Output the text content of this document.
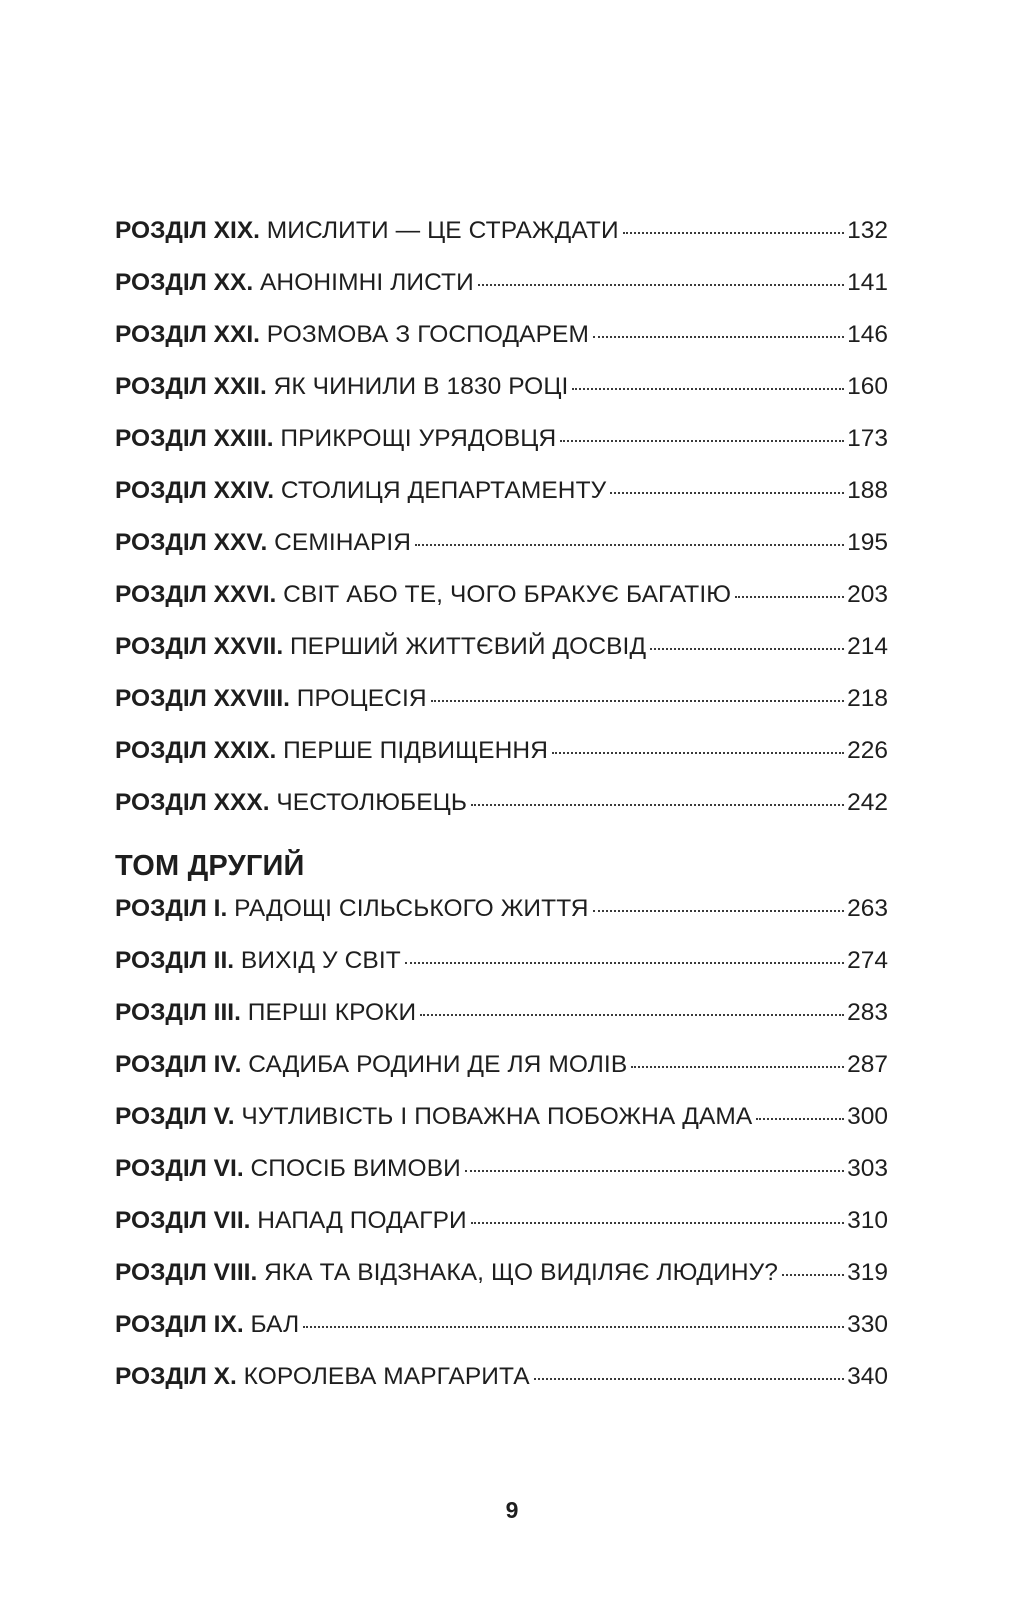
РОЗДІЛ XIX. МИСЛИТИ — ЦЕ СТРАЖДАТИ	132
РОЗДІЛ XX. АНОНІМНІ ЛИСТИ	141
РОЗДІЛ XXI. РОЗМОВА З ГОСПОДАРЕМ	146
РОЗДІЛ XXII. ЯК ЧИНИЛИ В 1830 РОЦІ	160
РОЗДІЛ XXIII. ПРИКРОЩІ УРЯДОВЦЯ	173
РОЗДІЛ XXIV. СТОЛИЦЯ ДЕПАРТАМЕНТУ	188
РОЗДІЛ XXV. СЕМІНАРІЯ	195
РОЗДІЛ XXVI. СВІТ АБО ТЕ, ЧОГО БРАКУЄ БАГАТІЮ	203
РОЗДІЛ XXVII. ПЕРШИЙ ЖИТТЄВИЙ ДОСВІД	214
РОЗДІЛ XXVIII. ПРОЦЕСІЯ	218
РОЗДІЛ XXIX. ПЕРШЕ ПІДВИЩЕННЯ	226
РОЗДІЛ XXX. ЧЕСТОЛЮБЕЦЬ	242
ТОМ ДРУГИЙ
РОЗДІЛ I. РАДОЩІ СІЛЬСЬКОГО ЖИТТЯ	263
РОЗДІЛ II. ВИХІД У СВІТ	274
РОЗДІЛ III. ПЕРШІ КРОКИ	283
РОЗДІЛ IV. САДИБА РОДИНИ ДЕ ЛЯ МОЛІВ	287
РОЗДІЛ V. ЧУТЛИВІСТЬ І ПОВАЖНА ПОБОЖНА ДАМА	300
РОЗДІЛ VI. СПОСІБ ВИМОВИ	303
РОЗДІЛ VII. НАПАД ПОДАГРИ	310
РОЗДІЛ VIII. ЯКА ТА ВІДЗНАКА, ЩО ВИДІЛЯЄ ЛЮДИНУ?	319
РОЗДІЛ IX. БАЛ	330
РОЗДІЛ X. КОРОЛЕВА МАРГАРИТА	340
9
